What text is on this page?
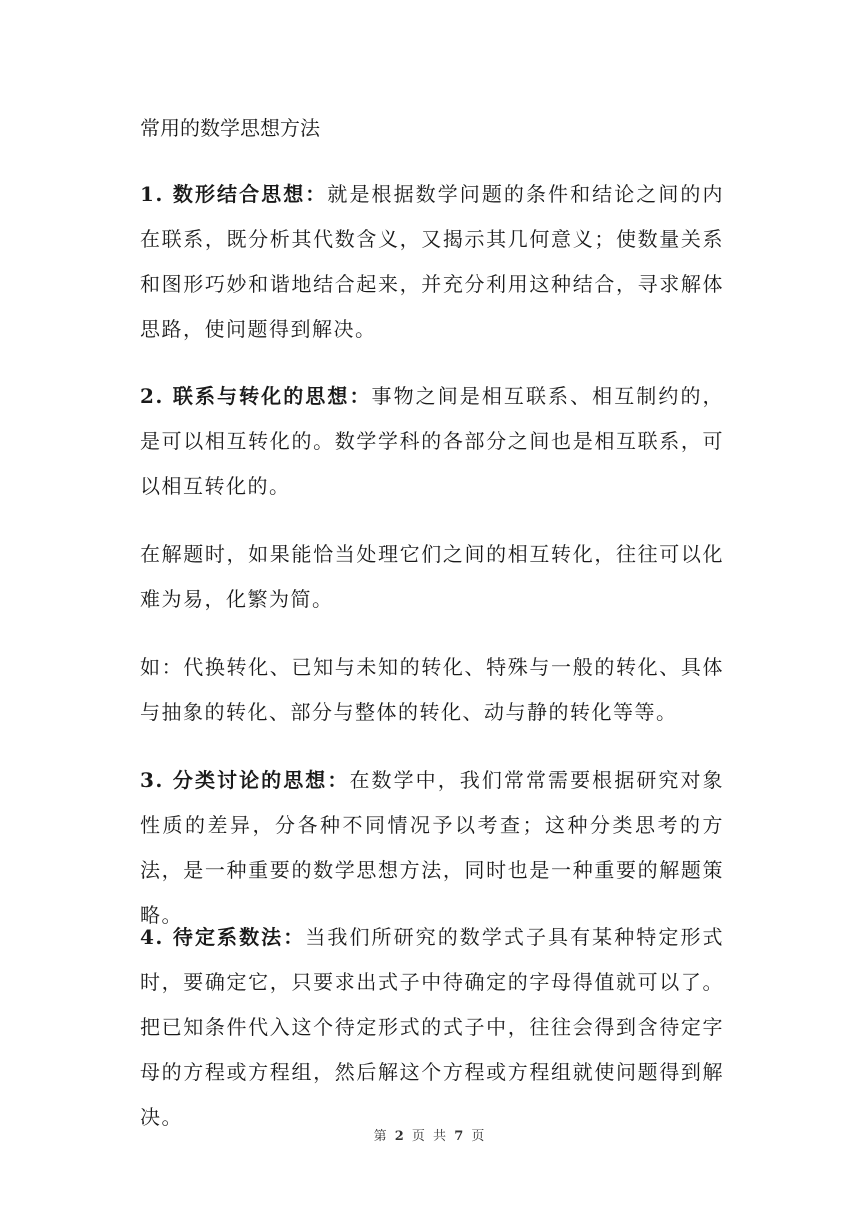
常用的数学思想方法

1. 数形结合思想：就是根据数学问题的条件和结论之间的内在联系，既分析其代数含义，又揭示其几何意义；使数量关系和图形巧妙和谐地结合起来，并充分利用这种结合，寻求解体思路，使问题得到解决。

2. 联系与转化的思想：事物之间是相互联系、相互制约的，是可以相互转化的。数学学科的各部分之间也是相互联系，可以相互转化的。

在解题时，如果能恰当处理它们之间的相互转化，往往可以化难为易，化繁为简。

如：代换转化、已知与未知的转化、特殊与一般的转化、具体与抽象的转化、部分与整体的转化、动与静的转化等等。

3. 分类讨论的思想：在数学中，我们常常需要根据研究对象性质的差异，分各种不同情况予以考查；这种分类思考的方法，是一种重要的数学思想方法，同时也是一种重要的解题策略。

4. 待定系数法：当我们所研究的数学式子具有某种特定形式时，要确定它，只要求出式子中待确定的字母得值就可以了。把已知条件代入这个待定形式的式子中，往往会得到含待定字母的方程或方程组，然后解这个方程或方程组就使问题得到解决。

第 2 页 共 7 页
